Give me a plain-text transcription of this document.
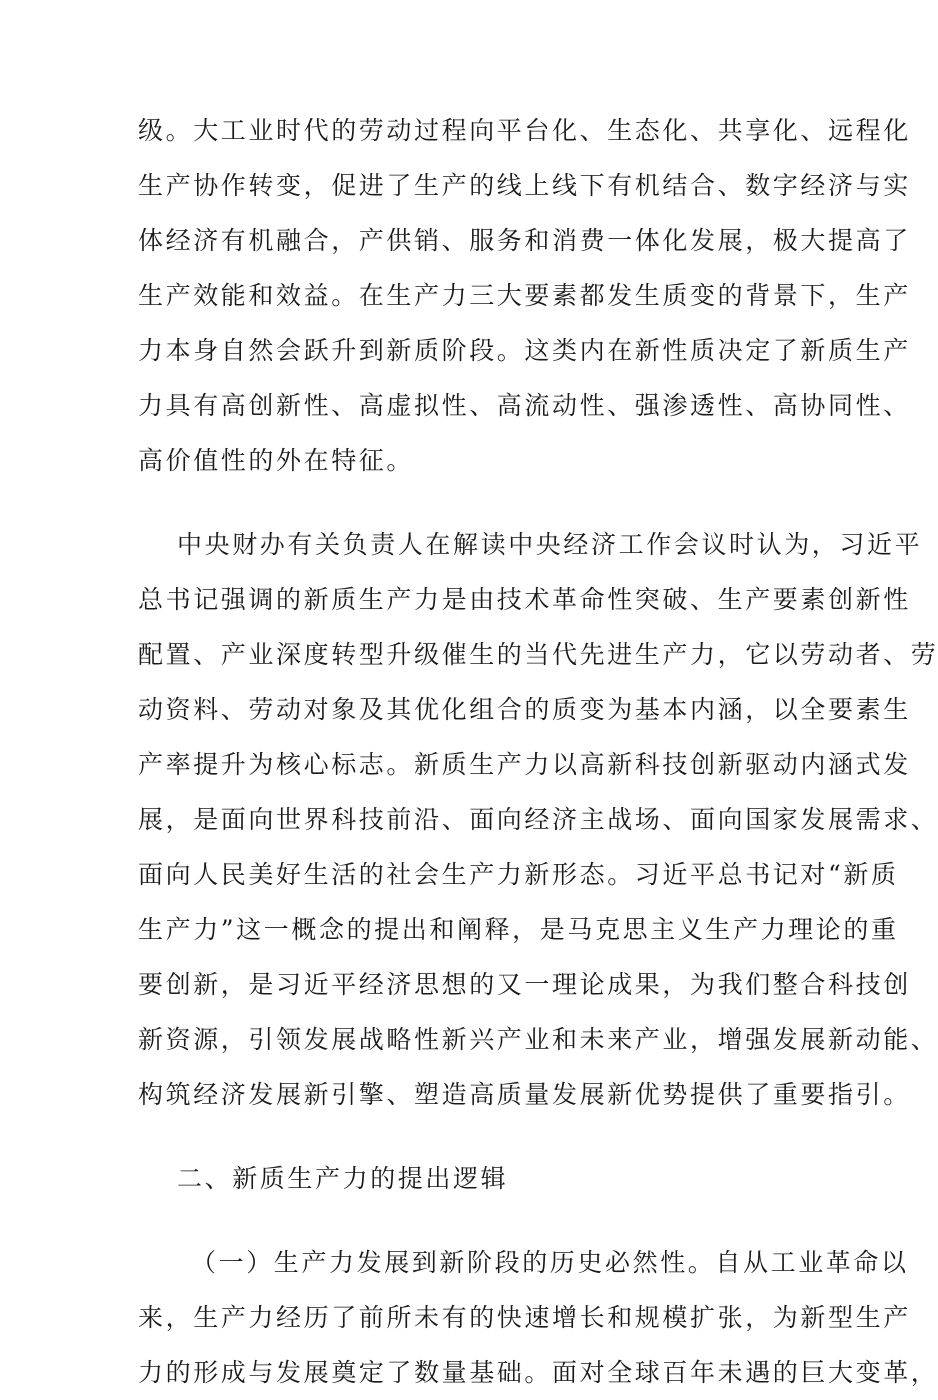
级。大工业时代的劳动过程向平台化、生态化、共享化、远程化
生产协作转变，促进了生产的线上线下有机结合、数字经济与实
体经济有机融合，产供销、服务和消费一体化发展，极大提高了
生产效能和效益。在生产力三大要素都发生质变的背景下，生产
力本身自然会跃升到新质阶段。这类内在新性质决定了新质生产
力具有高创新性、高虚拟性、高流动性、强渗透性、高协同性、
高价值性的外在特征。
中央财办有关负责人在解读中央经济工作会议时认为，习近平
总书记强调的新质生产力是由技术革命性突破、生产要素创新性
配置、产业深度转型升级催生的当代先进生产力，它以劳动者、劳
动资料、劳动对象及其优化组合的质变为基本内涵，以全要素生
产率提升为核心标志。新质生产力以高新科技创新驱动内涵式发
展，是面向世界科技前沿、面向经济主战场、面向国家发展需求、
面向人民美好生活的社会生产力新形态。习近平总书记对“新质
生产力”这一概念的提出和阐释，是马克思主义生产力理论的重
要创新，是习近平经济思想的又一理论成果，为我们整合科技创
新资源，引领发展战略性新兴产业和未来产业，增强发展新动能、
构筑经济发展新引擎、塑造高质量发展新优势提供了重要指引。
二、新质生产力的提出逻辑
（一）生产力发展到新阶段的历史必然性。自从工业革命以
来，生产力经历了前所未有的快速增长和规模扩张，为新型生产
力的形成与发展奠定了数量基础。面对全球百年未遇的巨大变革，
